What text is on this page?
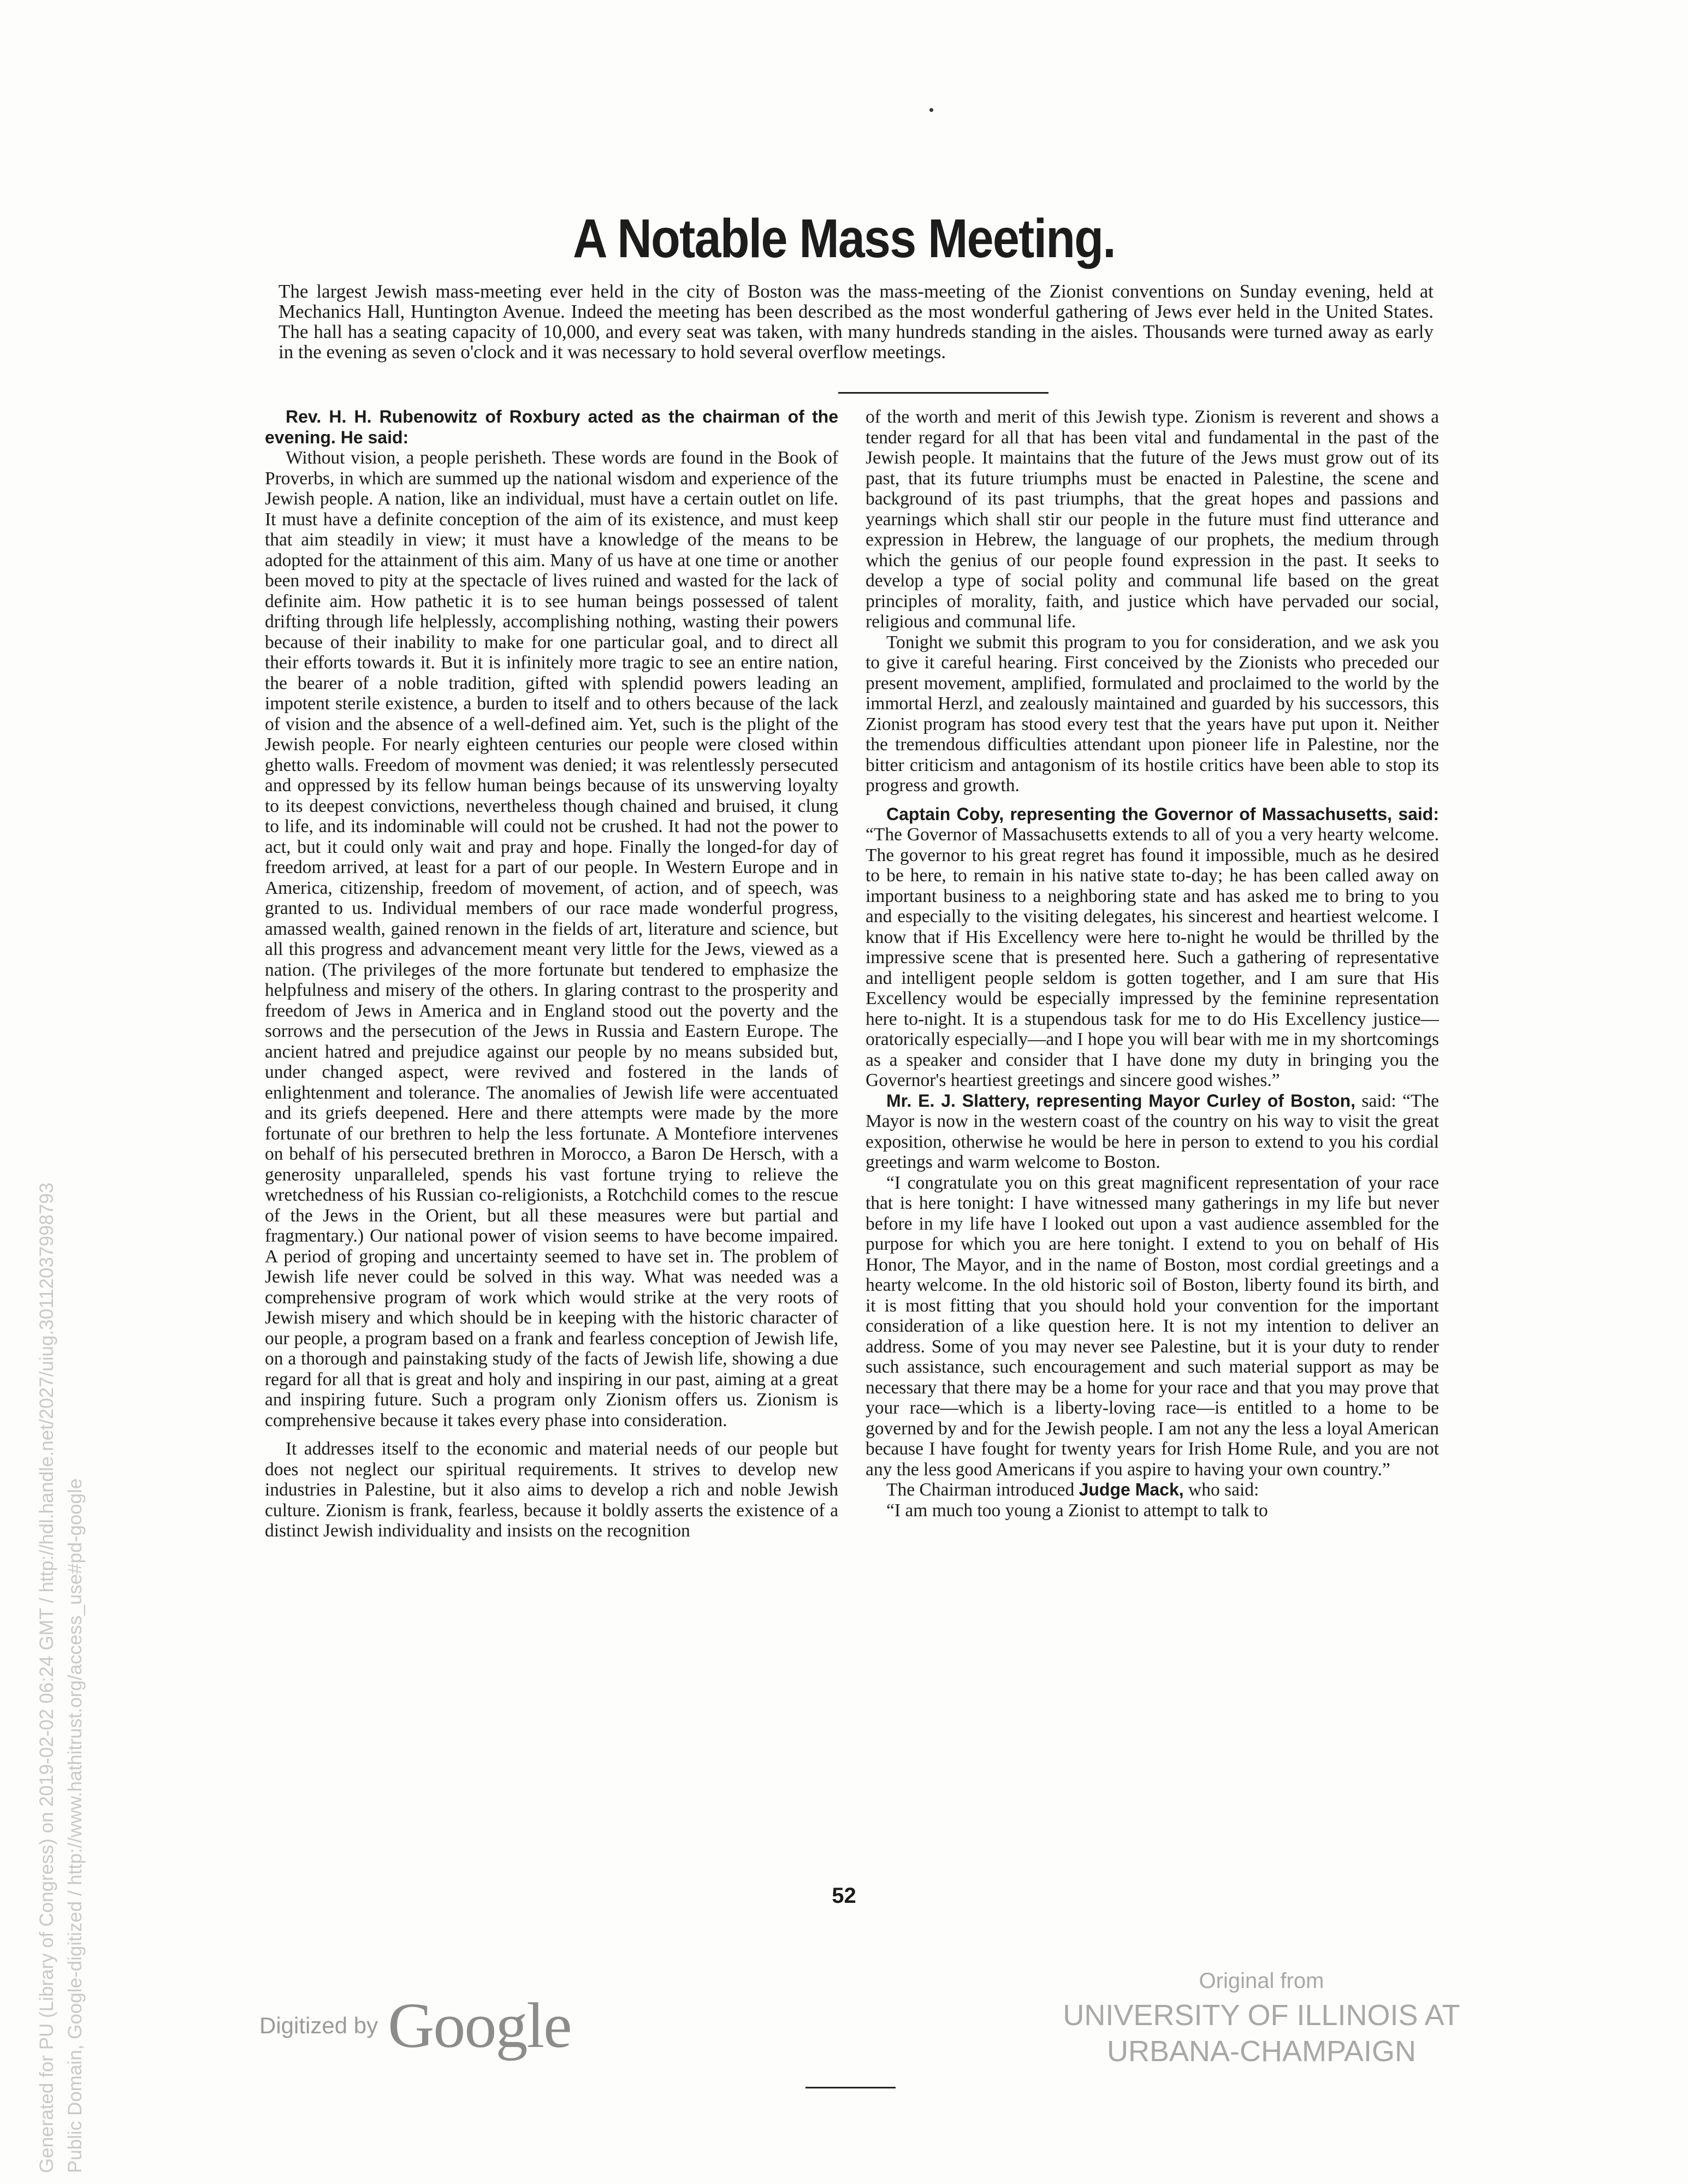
A Notable Mass Meeting.

The largest Jewish mass-meeting ever held in the city of Boston was the mass-meeting of the Zionist conventions on Sunday evening, held at Mechanics Hall, Huntington Avenue. Indeed the meeting has been described as the most wonderful gathering of Jews ever held in the United States. The hall has a seating capacity of 10,000, and every seat was taken, with many hundreds standing in the aisles. Thousands were turned away as early in the evening as seven o'clock and it was necessary to hold several overflow meetings.

Rev. H. H. Rubenowitz of Roxbury acted as the chairman of the evening. He said:

Without vision, a people perisheth. These words are found in the Book of Proverbs, in which are summed up the national wisdom and experience of the Jewish people. A nation, like an individual, must have a certain outlet on life. It must have a definite conception of the aim of its existence, and must keep that aim steadily in view; it must have a knowledge of the means to be adopted for the attainment of this aim. Many of us have at one time or another been moved to pity at the spectacle of lives ruined and wasted for the lack of definite aim. How pathetic it is to see human beings possessed of talent drifting through life helplessly, accomplishing nothing, wasting their powers because of their inability to make for one particular goal, and to direct all their efforts towards it. But it is infinitely more tragic to see an entire nation, the bearer of a noble tradition, gifted with splendid powers leading an impotent sterile existence, a burden to itself and to others because of the lack of vision and the absence of a well-defined aim. Yet, such is the plight of the Jewish people. For nearly eighteen centuries our people were closed within ghetto walls. Freedom of movment was denied; it was relentlessly persecuted and oppressed by its fellow human beings because of its unswerving loyalty to its deepest convictions, nevertheless though chained and bruised, it clung to life, and its indominable will could not be crushed. It had not the power to act, but it could only wait and pray and hope. Finally the longed-for day of freedom arrived, at least for a part of our people. In Western Europe and in America, citizenship, freedom of movement, of action, and of speech, was granted to us. Individual members of our race made wonderful progress, amassed wealth, gained renown in the fields of art, literature and science, but all this progress and advancement meant very little for the Jews, viewed as a nation. (The privileges of the more fortunate but tendered to emphasize the helpfulness and misery of the others. In glaring contrast to the prosperity and freedom of Jews in America and in England stood out the poverty and the sorrows and the persecution of the Jews in Russia and Eastern Europe. The ancient hatred and prejudice against our people by no means subsided but, under changed aspect, were revived and fostered in the lands of enlightenment and tolerance. The anomalies of Jewish life were accentuated and its griefs deepened. Here and there attempts were made by the more fortunate of our brethren to help the less fortunate. A Montefiore intervenes on behalf of his persecuted brethren in Morocco, a Baron De Hersch, with a generosity unparalleled, spends his vast fortune trying to relieve the wretchedness of his Russian co-religionists, a Rotchchild comes to the rescue of the Jews in the Orient, but all these measures were but partial and fragmentary.) Our national power of vision seems to have become impaired. A period of groping and uncertainty seemed to have set in. The problem of Jewish life never could be solved in this way. What was needed was a comprehensive program of work which would strike at the very roots of Jewish misery and which should be in keeping with the historic character of our people, a program based on a frank and fearless conception of Jewish life, on a thorough and painstaking study of the facts of Jewish life, showing a due regard for all that is great and holy and inspiring in our past, aiming at a great and inspiring future. Such a program only Zionism offers us. Zionism is comprehensive because it takes every phase into consideration.

It addresses itself to the economic and material needs of our people but does not neglect our spiritual requirements. It strives to develop new industries in Palestine, but it also aims to develop a rich and noble Jewish culture. Zionism is frank, fearless, because it boldly asserts the existence of a distinct Jewish individuality and insists on the recognition

of the worth and merit of this Jewish type. Zionism is reverent and shows a tender regard for all that has been vital and fundamental in the past of the Jewish people. It maintains that the future of the Jews must grow out of its past, that its future triumphs must be enacted in Palestine, the scene and background of its past triumphs, that the great hopes and passions and yearnings which shall stir our people in the future must find utterance and expression in Hebrew, the language of our prophets, the medium through which the genius of our people found expression in the past. It seeks to develop a type of social polity and communal life based on the great principles of morality, faith, and justice which have pervaded our social, religious and communal life.

Tonight we submit this program to you for consideration, and we ask you to give it careful hearing. First conceived by the Zionists who preceded our present movement, amplified, formulated and proclaimed to the world by the immortal Herzl, and zealously maintained and guarded by his successors, this Zionist program has stood every test that the years have put upon it. Neither the tremendous difficulties attendant upon pioneer life in Palestine, nor the bitter criticism and antagonism of its hostile critics have been able to stop its progress and growth.

Captain Coby, representing the Governor of Massachusetts, said: “The Governor of Massachusetts extends to all of you a very hearty welcome. The governor to his great regret has found it impossible, much as he desired to be here, to remain in his native state to-day; he has been called away on important business to a neighboring state and has asked me to bring to you and especially to the visiting delegates, his sincerest and heartiest welcome. I know that if His Excellency were here to-night he would be thrilled by the impressive scene that is presented here. Such a gathering of representative and intelligent people seldom is gotten together, and I am sure that His Excellency would be especially impressed by the feminine representation here to-night. It is a stupendous task for me to do His Excellency justice—oratorically especially—and I hope you will bear with me in my shortcomings as a speaker and consider that I have done my duty in bringing you the Governor's heartiest greetings and sincere good wishes.”

Mr. E. J. Slattery, representing Mayor Curley of Boston, said: “The Mayor is now in the western coast of the country on his way to visit the great exposition, otherwise he would be here in person to extend to you his cordial greetings and warm welcome to Boston.

“I congratulate you on this great magnificent representation of your race that is here tonight: I have witnessed many gatherings in my life but never before in my life have I looked out upon a vast audience assembled for the purpose for which you are here tonight. I extend to you on behalf of His Honor, The Mayor, and in the name of Boston, most cordial greetings and a hearty welcome. In the old historic soil of Boston, liberty found its birth, and it is most fitting that you should hold your convention for the important consideration of a like question here. It is not my intention to deliver an address. Some of you may never see Palestine, but it is your duty to render such assistance, such encouragement and such material support as may be necessary that there may be a home for your race and that you may prove that your race—which is a liberty-loving race—is entitled to a home to be governed by and for the Jewish people. I am not any the less a loyal American because I have fought for twenty years for Irish Home Rule, and you are not any the less good Americans if you aspire to having your own country.”

The Chairman introduced Judge Mack, who said:

“I am much too young a Zionist to attempt to talk to

52
Digitized by Google
Original from
UNIVERSITY OF ILLINOIS AT
URBANA-CHAMPAIGN
Generated for PU (Library of Congress) on 2019-02-02 06:24 GMT / http://hdl.handle.net/2027/uiug.30112037998793 Public Domain, Google-digitized / http://www.hathitrust.org/access_use#pd-google
